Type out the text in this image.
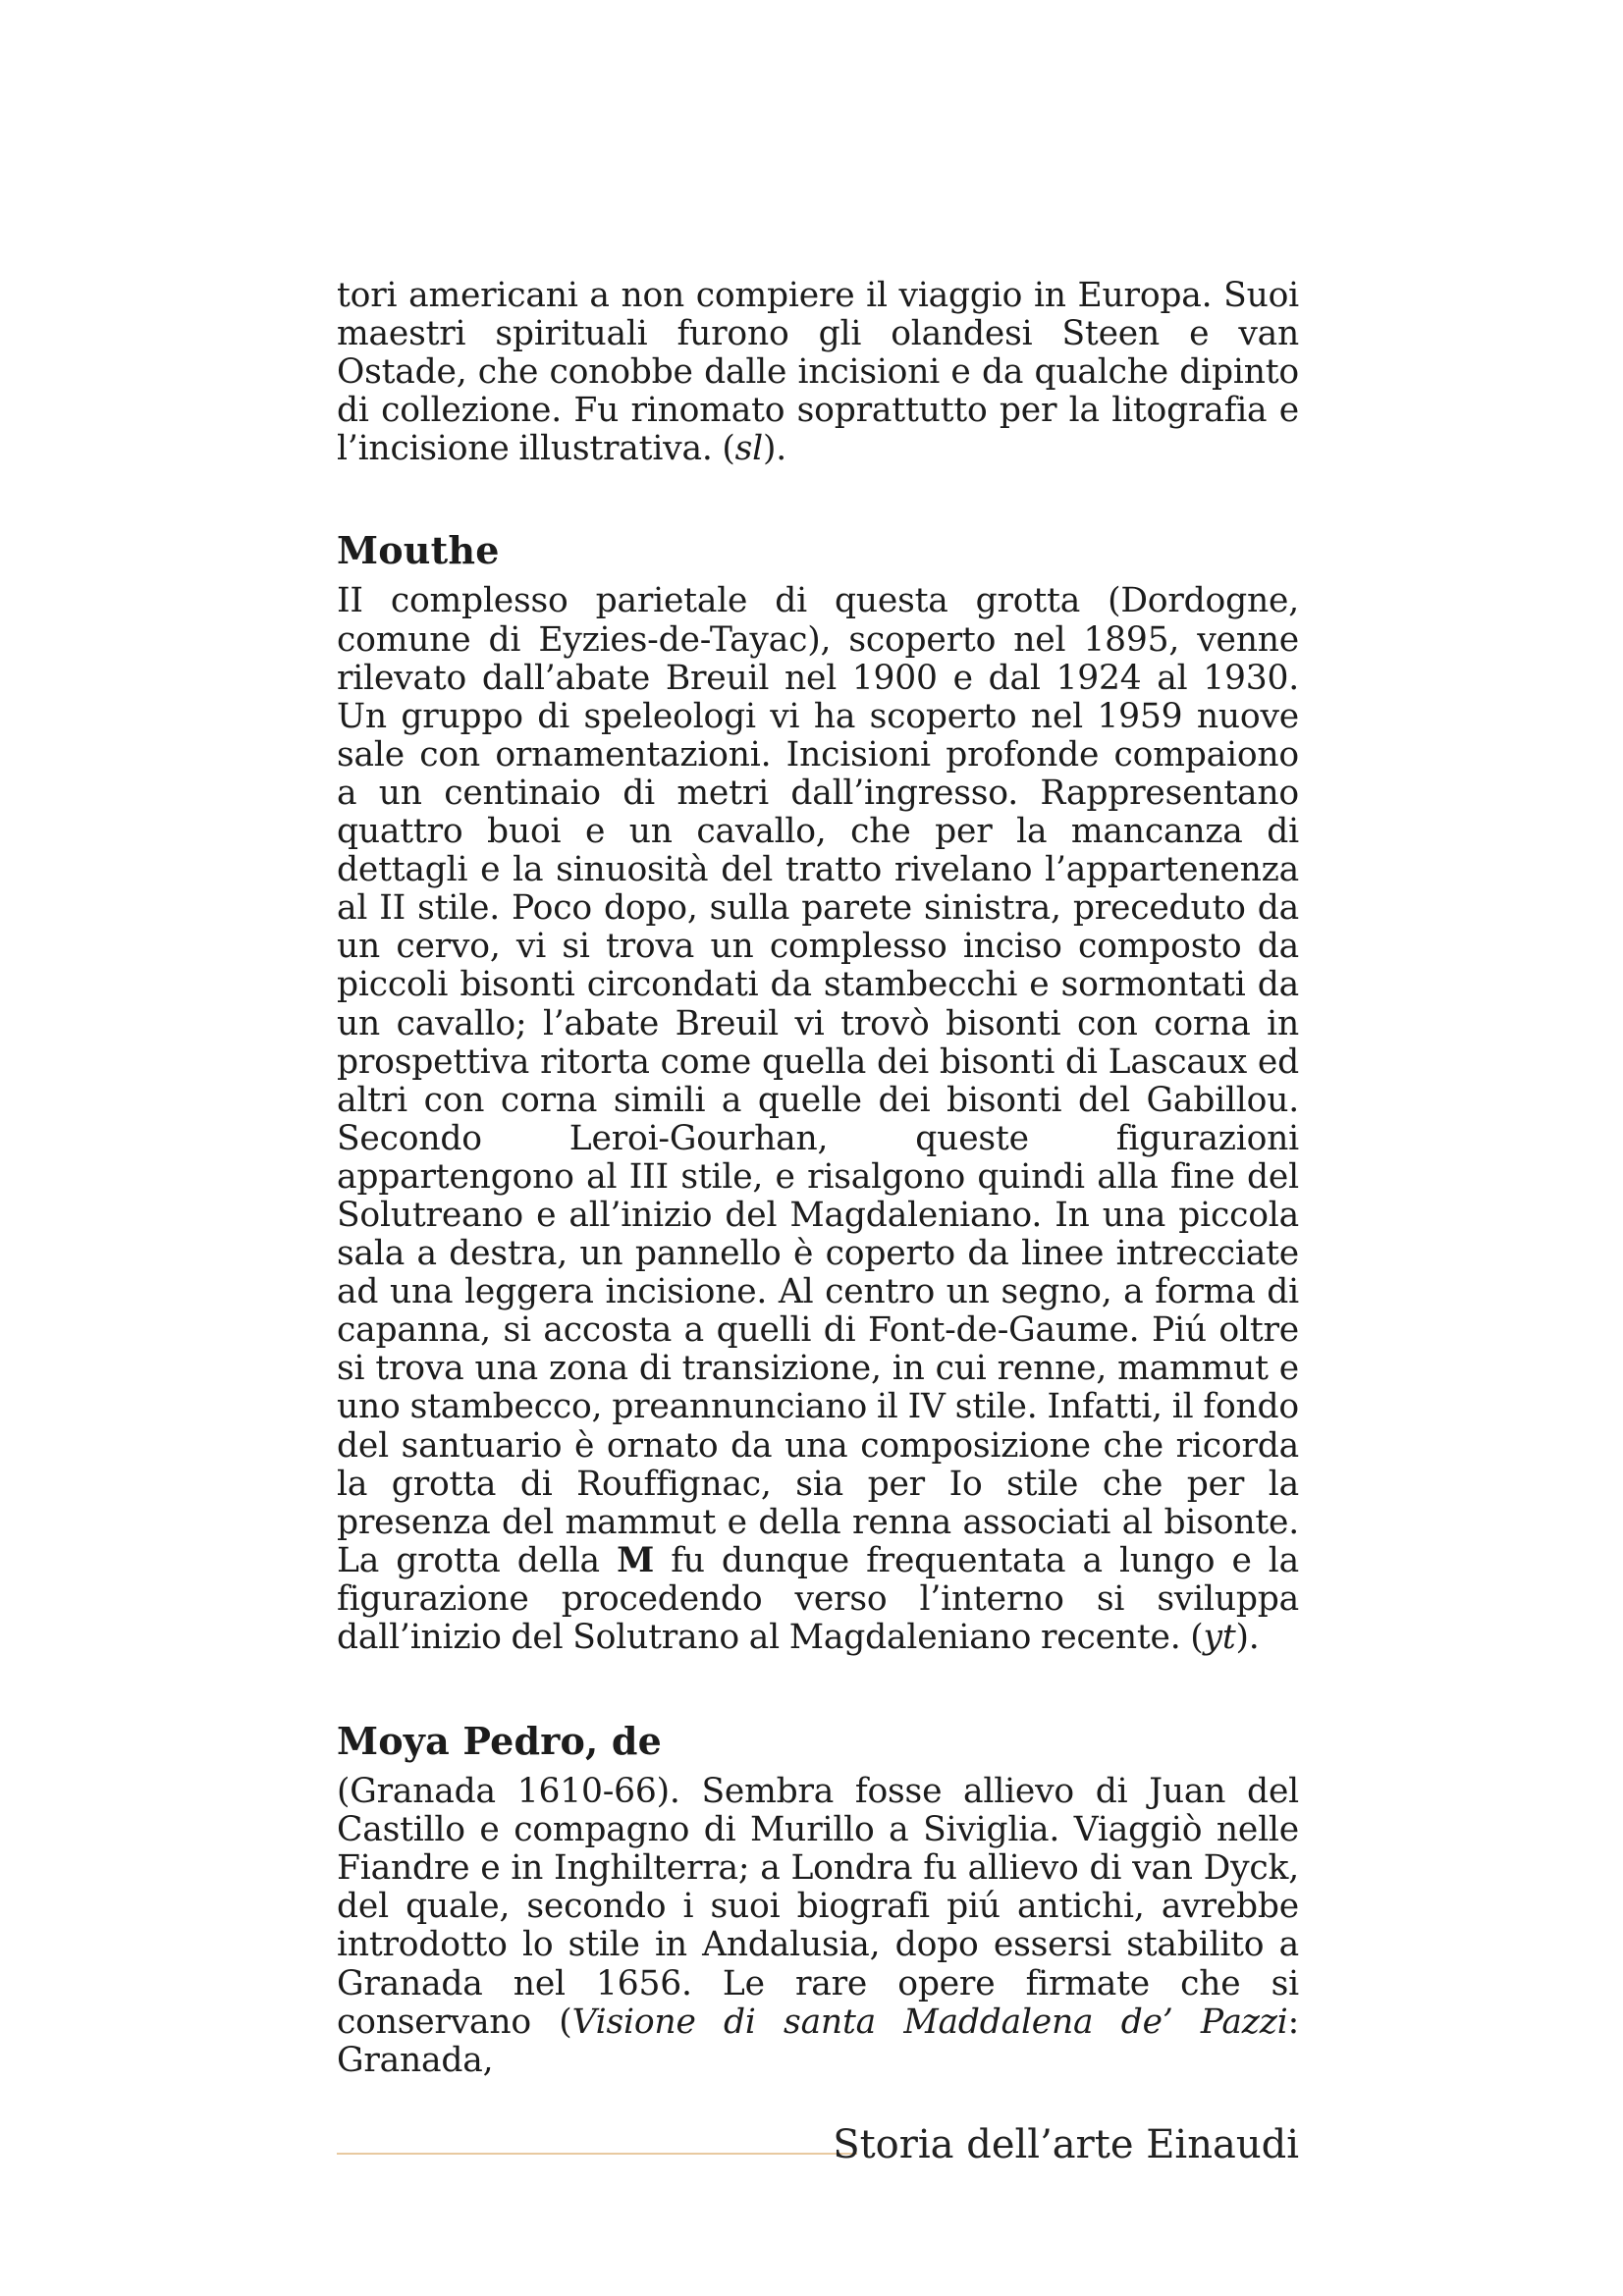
tori americani a non compiere il viaggio in Europa. Suoi maestri spirituali furono gli olandesi Steen e van Ostade, che conobbe dalle incisioni e da qualche dipinto di collezione. Fu rinomato soprattutto per la litografia e l’incisione illustrativa. (sl).

Mouthe

II complesso parietale di questa grotta (Dordogne, comune di Eyzies-de-Tayac), scoperto nel 1895, venne rilevato dall’abate Breuil nel 1900 e dal 1924 al 1930. Un gruppo di speleologi vi ha scoperto nel 1959 nuove sale con ornamentazioni. Incisioni profonde compaiono a un centinaio di metri dall’ingresso. Rappresentano quattro buoi e un cavallo, che per la mancanza di dettagli e la sinuosità del tratto rivelano l’appartenenza al II stile. Poco dopo, sulla parete sinistra, preceduto da un cervo, vi si trova un complesso inciso composto da piccoli bisonti circondati da stambecchi e sormontati da un cavallo; l’abate Breuil vi trovò bisonti con corna in prospettiva ritorta come quella dei bisonti di Lascaux ed altri con corna simili a quelle dei bisonti del Gabillou. Secondo Leroi-Gourhan, queste figurazioni appartengono al III stile, e risalgono quindi alla fine del Solutreano e all’inizio del Magdaleniano. In una piccola sala a destra, un pannello è coperto da linee intrecciate ad una leggera incisione. Al centro un segno, a forma di capanna, si accosta a quelli di Font-de-Gaume. Piú oltre si trova una zona di transizione, in cui renne, mammut e uno stambecco, preannunciano il IV stile. Infatti, il fondo del santuario è ornato da una composizione che ricorda la grotta di Rouffignac, sia per Io stile che per la presenza del mammut e della renna associati al bisonte. La grotta della M fu dunque frequentata a lungo e la figurazione procedendo verso l’interno si sviluppa dall’inizio del Solutrano al Magdaleniano recente. (yt).

Moya Pedro, de

(Granada 1610-66). Sembra fosse allievo di Juan del Castillo e compagno di Murillo a Siviglia. Viaggiò nelle Fiandre e in Inghilterra; a Londra fu allievo di van Dyck, del quale, secondo i suoi biografi piú antichi, avrebbe introdotto lo stile in Andalusia, dopo essersi stabilito a Granada nel 1656. Le rare opere firmate che si conservano (Visione di santa Maddalena de’ Pazzi: Granada,

Storia dell’arte Einaudi
